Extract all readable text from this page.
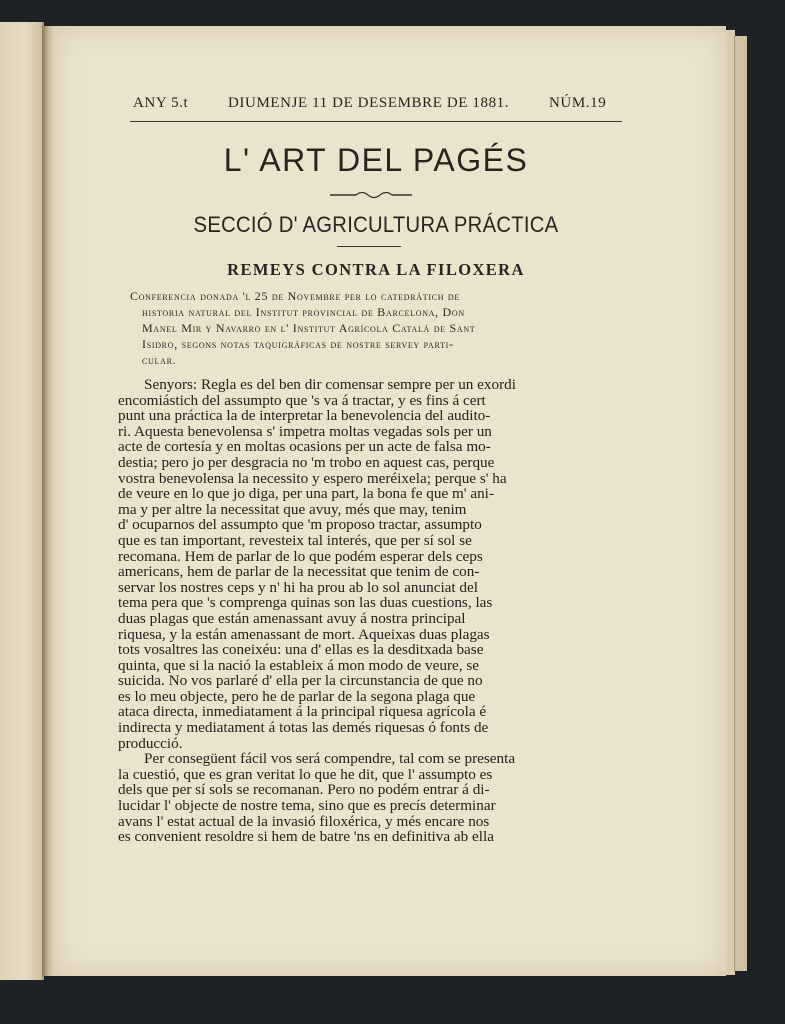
ANY 5.t	DIUMENJE 11 DE DESEMBRE DE 1881.	NÚM.19
L' ART DEL PAGÉS
SECCIÓ D' AGRICULTURA PRÁCTICA
REMEYS CONTRA LA FILOXERA
Conferencia donada 'l 25 de Novembre per lo catedrátich de
historia natural del Institut provincial de Barcelona, Don
Manel Mir y Navarro en l' Institut Agrícola Catalá de Sant
Isidro, segons notas taquigráficas de nostre servey parti-
cular.
Senyors: Regla es del ben dir comensar sempre per un exordi
encomiástich del assumpto que 's va á tractar, y es fins á cert
punt una práctica la de interpretar la benevolencia del audito-
ri. Aquesta benevolensa s' impetra moltas vegadas sols per un
acte de cortesía y en moltas ocasions per un acte de falsa mo-
destia; pero jo per desgracia no 'm trobo en aquest cas, perque
vostra benevolensa la necessito y espero meréixela; perque s' ha
de veure en lo que jo diga, per una part, la bona fe que m' ani-
ma y per altre la necessitat que avuy, més que may, tenim
d' ocuparnos del assumpto que 'm proposo tractar, assumpto
que es tan important, revesteix tal interés, que per sí sol se
recomana. Hem de parlar de lo que podém esperar dels ceps
americans, hem de parlar de la necessitat que tenim de con-
servar los nostres ceps y n' hi ha prou ab lo sol anunciat del
tema pera que 's comprenga quinas son las duas cuestions, las
duas plagas que están amenassant avuy á nostra principal
riquesa, y la están amenassant de mort. Aqueixas duas plagas
tots vosaltres las coneixéu: una d' ellas es la desditxada base
quinta, que si la nació la estableix á mon modo de veure, se
suicida. No vos parlaré d' ella per la circunstancia de que no
es lo meu objecte, pero he de parlar de la segona plaga que
ataca directa, inmediatament á la principal riquesa agrícola é
indirecta y mediatament á totas las demés riquesas ó fonts de
producció.
Per consegüent fácil vos será compendre, tal com se presenta
la cuestió, que es gran veritat lo que he dit, que l' assumpto es
dels que per sí sols se recomanan. Pero no podém entrar á di-
lucidar l' objecte de nostre tema, sino que es precís determinar
avans l' estat actual de la invasió filoxérica, y més encare nos
es convenient resoldre si hem de batre 'ns en definitiva ab ella
